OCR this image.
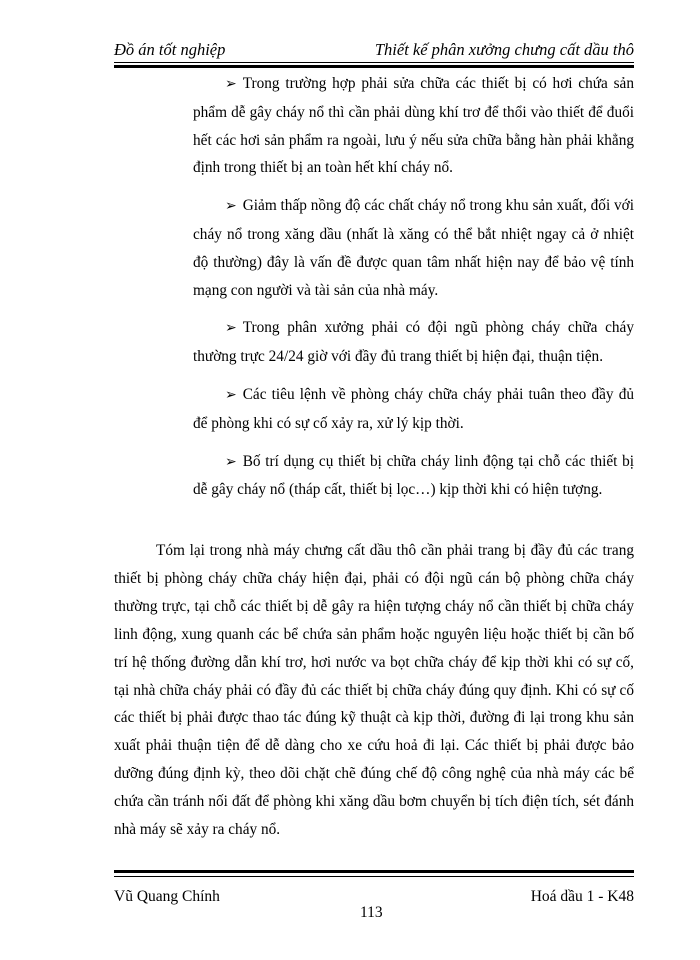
Đồ án tốt nghiệp	Thiết kế phân xưởng chưng cất dầu thô
➢ Trong trường hợp phải sửa chữa các thiết bị có hơi chứa sản phẩm dễ gây cháy nổ thì cần phải dùng khí trơ để thổi vào thiết để đuổi hết các hơi sản phẩm ra ngoài, lưu ý nếu sửa chữa bằng hàn phải khẳng định trong thiết bị an toàn hết khí cháy nổ.
➢ Giảm thấp nồng độ các chất cháy nổ trong khu sản xuất, đối với cháy nổ trong xăng dầu (nhất là xăng có thể bắt nhiệt ngay cả ở nhiệt độ thường) đây là vấn đề được quan tâm nhất hiện nay để bảo vệ tính mạng con người và tài sản của nhà máy.
➢ Trong phân xưởng phải có đội ngũ phòng cháy chữa cháy thường trực 24/24 giờ với đầy đủ trang thiết bị hiện đại, thuận tiện.
➢ Các tiêu lệnh về phòng cháy chữa cháy phải tuân theo đầy đủ để phòng khi có sự cố xảy ra, xử lý kịp thời.
➢ Bố trí dụng cụ thiết bị chữa cháy linh động tại chỗ các thiết bị dễ gây cháy nổ (tháp cất, thiết bị lọc…) kịp thời khi có hiện tượng.
Tóm lại trong nhà máy chưng cất dầu thô cần phải trang bị đầy đủ các trang thiết bị phòng cháy chữa cháy hiện đại, phải có đội ngũ cán bộ phòng chữa cháy thường trực, tại chỗ các thiết bị dễ gây ra hiện tượng cháy nổ cần thiết bị chữa cháy linh động, xung quanh các bể chứa sản phẩm hoặc nguyên liệu hoặc thiết bị cần bố trí hệ thống đường dẫn khí trơ, hơi nước va bọt chữa cháy để kịp thời khi có sự cố, tại nhà chữa cháy phải có đầy đủ các thiết bị chữa cháy đúng quy định. Khi có sự cố các thiết bị phải được thao tác đúng kỹ thuật cà kịp thời, đường đi lại trong khu sản xuất phải thuận tiện để dễ dàng cho xe cứu hoả đi lại. Các thiết bị phải được bảo dưỡng đúng định kỳ, theo dõi chặt chẽ đúng chế độ công nghệ của nhà máy các bể chứa cần tránh nối đất để phòng khi xăng dầu bơm chuyển bị tích điện tích, sét đánh nhà máy sẽ xảy ra cháy nổ.
Vũ Quang Chính	Hoá dầu 1 - K48
113
